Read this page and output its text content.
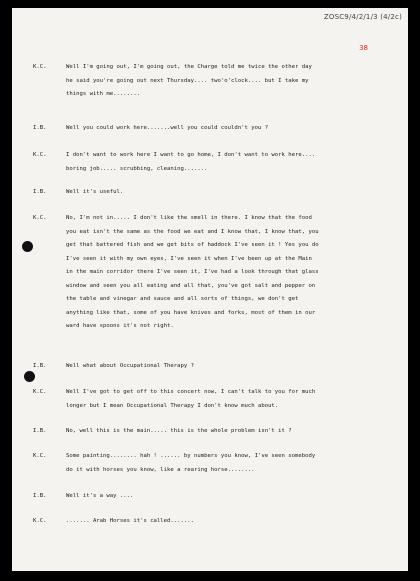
ZOSC9/4/2/1/3 (4/2c)
38
K.C.	Well I'm going out, I'm going out, the Charge told me twice the other day
he said you're going out next Thursday.... two'o'clock.... but I take my
things with me........
I.B.	Well you could work here.......well you could couldn't you ?
K.C.	I don't want to work here I want to go home, I don't want to work here....
boring job..... scrubbing, cleaning.......
I.B.	Well it's useful.
K.C.	No, I'm not in..... I don't like the smell in there. I know that the food
you eat isn't the same as the food we eat and I know that, I know that, you
get that battered fish and we get bits of haddock I've seen it ! Yes you do
I've seen it with my own eyes, I've seen it when I've been up at the Main
in the main corridor there I've seen it, I've had a look through that glass
window and seen you all eating and all that, you've got salt and pepper on
the table and vinegar and sauce and all sorts of things, we don't get
anything like that, some of you have knives and forks, most of them in our
ward have spoons it's not right.
I.B.	Well what about Occupational Therapy ?
K.C.	Well I've got to get off to this concert now, I can't talk to you for much
longer but I mean Occupational Therapy I don't know much about.
I.B.	No, well this is the main..... this is the whole problem isn't it ?
K.C.	Some painting........ hah ! ...... by numbers you know, I've seen somebody
do it with horses you know, like a rearing horse........
I.B.	Well it's a way ....
K.C.	....... Arab Horses it's called.......
